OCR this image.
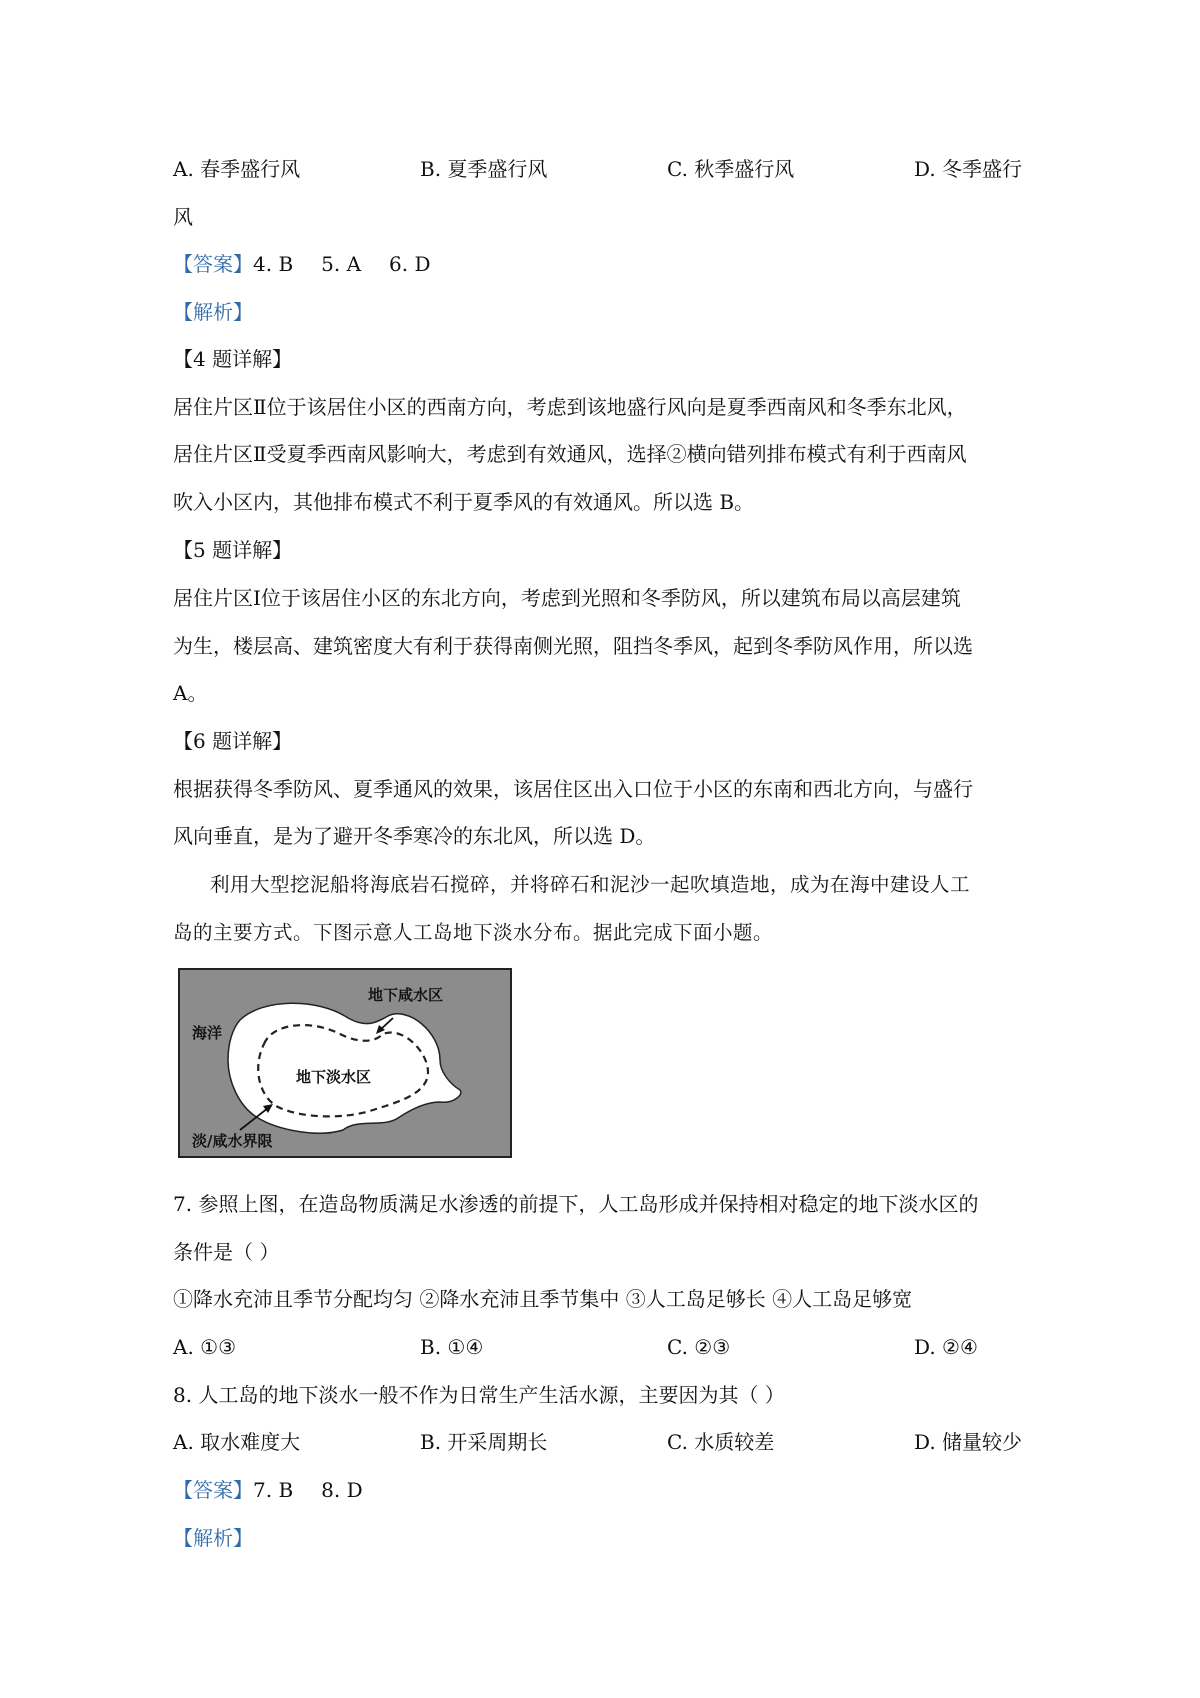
A. 春季盛行风	B. 夏季盛行风	C. 秋季盛行风	D. 冬季盛行
风
【答案】4. B 5. A 6. D
【解析】
【4 题详解】
居住片区Ⅱ位于该居住小区的西南方向，考虑到该地盛行风向是夏季西南风和冬季东北风，
居住片区Ⅱ受夏季西南风影响大，考虑到有效通风，选择②横向错列排布模式有利于西南风
吹入小区内，其他排布模式不利于夏季风的有效通风。所以选 B。
【5 题详解】
居住片区Ⅰ位于该居住小区的东北方向，考虑到光照和冬季防风，所以建筑布局以高层建筑
为生，楼层高、建筑密度大有利于获得南侧光照，阻挡冬季风，起到冬季防风作用，所以选
A。
【6 题详解】
根据获得冬季防风、夏季通风的效果，该居住区出入口位于小区的东南和西北方向，与盛行
风向垂直，是为了避开冬季寒冷的东北风，所以选 D。
利用大型挖泥船将海底岩石搅碎，并将碎石和泥沙一起吹填造地，成为在海中建设人工
岛的主要方式。下图示意人工岛地下淡水分布。据此完成下面小题。
海洋
地下咸水区
地下淡水区
淡/咸水界限
7. 参照上图，在造岛物质满足水渗透的前提下，人工岛形成并保持相对稳定的地下淡水区的
条件是（ ）
①降水充沛且季节分配均匀 ②降水充沛且季节集中 ③人工岛足够长 ④人工岛足够宽
A. ①③	B. ①④	C. ②③	D. ②④
8. 人工岛的地下淡水一般不作为日常生产生活水源，主要因为其（ ）
A. 取水难度大	B. 开采周期长	C. 水质较差	D. 储量较少
【答案】7. B 8. D
【解析】
